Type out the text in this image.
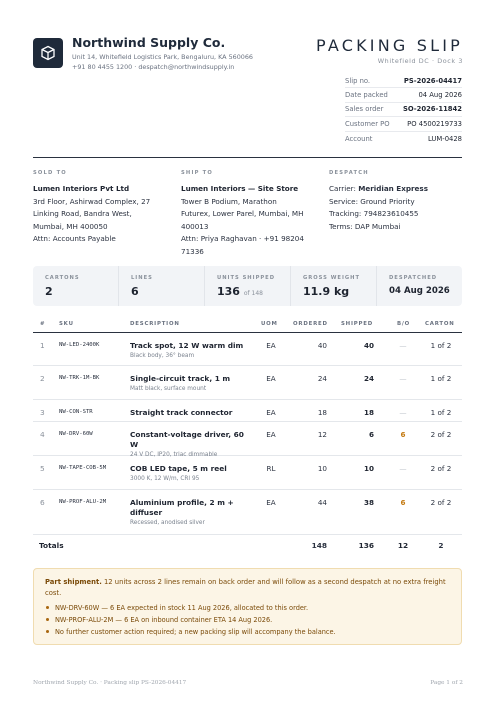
Northwind Supply Co.
Unit 14, Whitefield Logistics Park, Bengaluru, KA 560066
+91 80 4455 1200 · despatch@northwindsupply.in
PACKING SLIP
Whitefield DC · Dock 3
Slip no.	PS-2026-04417
Date packed	04 Aug 2026
Sales order	SO-2026-11842
Customer PO	PO 4500219733
Account	LUM-0428
SOLD TO
Lumen Interiors Pvt Ltd
3rd Floor, Ashirwad Complex, 27
Linking Road, Bandra West,
Mumbai, MH 400050
Attn: Accounts Payable
SHIP TO
Lumen Interiors — Site Store
Tower B Podium, Marathon
Futurex, Lower Parel, Mumbai, MH
400013
Attn: Priya Raghavan · +91 98204
71336
DESPATCH
Carrier: Meridian Express
Service: Ground Priority
Tracking: 794823610455
Terms: DAP Mumbai
CARTONS
2
LINES
6
UNITS SHIPPED
136 of 148
GROSS WEIGHT
11.9 kg
DESPATCHED
04 Aug 2026
#	SKU	DESCRIPTION	UOM	ORDERED SHIPPED	B/O	CARTON
1	NW-LED-2400K	Track spot, 12 W warm dim
Black body, 36° beam
EA	40	40	—	1 of 2
2	NW-TRK-1M-BK	Single-circuit track, 1 m
Matt black, surface mount
EA	24	24	—	1 of 2
3	NW-CON-STR	Straight track connector	EA	18	18	—	1 of 2
4	NW-DRV-60W	Constant-voltage driver, 60 W
24 V DC, IP20, triac dimmable
EA	12	6	6	2 of 2
5	NW-TAPE-COB-5M	COB LED tape, 5 m reel
3000 K, 12 W/m, CRI 95
RL	10	10	—	2 of 2
6	NW-PROF-ALU-2M	Aluminium profile, 2 m + diffuser
Recessed, anodised silver
EA	44	38	6	2 of 2
Totals	148	136	12	2
Part shipment. 12 units across 2 lines remain on back order and will follow as a second despatch at no extra freight cost.
NW-DRV-60W — 6 EA expected in stock 11 Aug 2026, allocated to this order.
NW-PROF-ALU-2M — 6 EA on inbound container ETA 14 Aug 2026.
No further customer action required; a new packing slip will accompany the balance.
Northwind Supply Co. · Packing slip PS-2026-04417	Page 1 of 2
